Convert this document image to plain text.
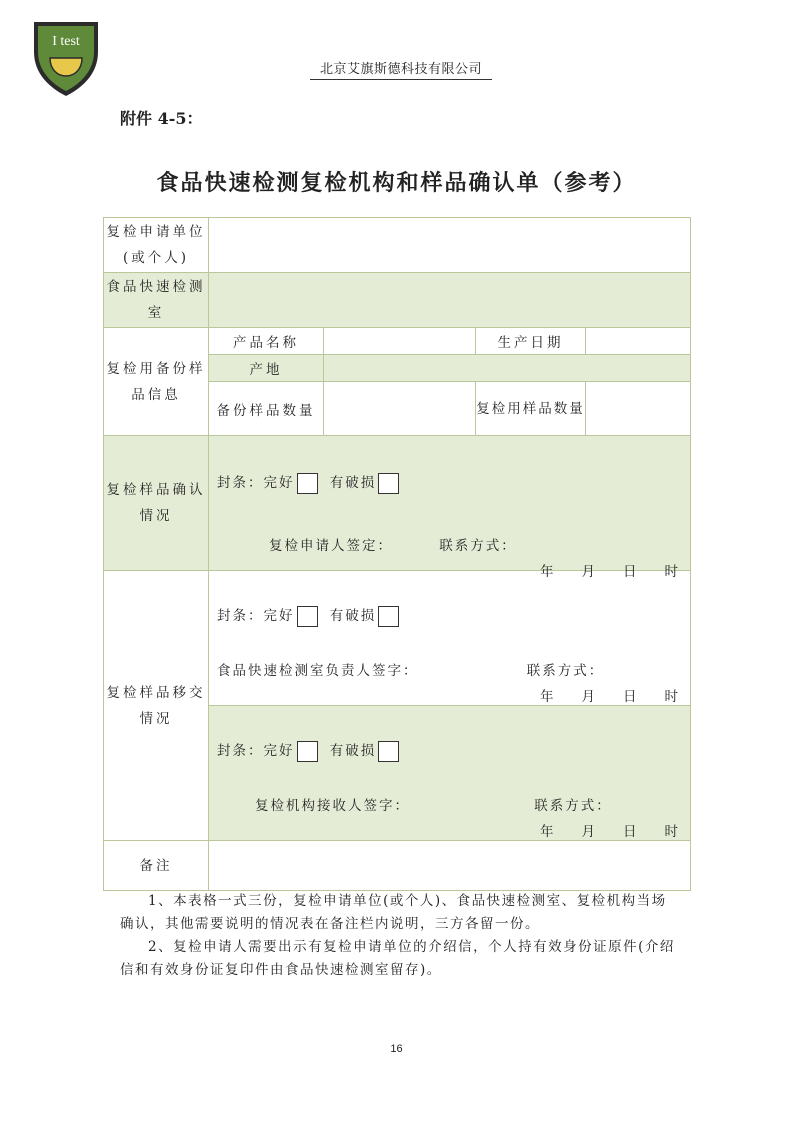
I test
北京艾旗斯德科技有限公司
附件 4-5：
食品快速检测复检机构和样品确认单（参考）
复检申请单位(或个人)				
食品快速检测室				
复检用备份样品信息	产品名称		生产日期	
	产地			
	备份样品数量		复检用样品数量	
复检样品确认情况	封条：完好 有破损
复检申请人签定： 联系方式：
年 月 日 时			

复检样品移交情况	封条：完好 有破损
食品快速检测室负责人签字： 联系方式：
年 月 日 时			

	封条：完好 有破损
复检机构接收人签字： 联系方式：
年 月 日 时			

备注				

1、本表格一式三份，复检申请单位(或个人)、食品快速检测室、复检机构当场确认，其他需要说明的情况表在备注栏内说明，三方各留一份。

2、复检申请人需要出示有复检申请单位的介绍信，个人持有效身份证原件(介绍信和有效身份证复印件由食品快速检测室留存)。

16
